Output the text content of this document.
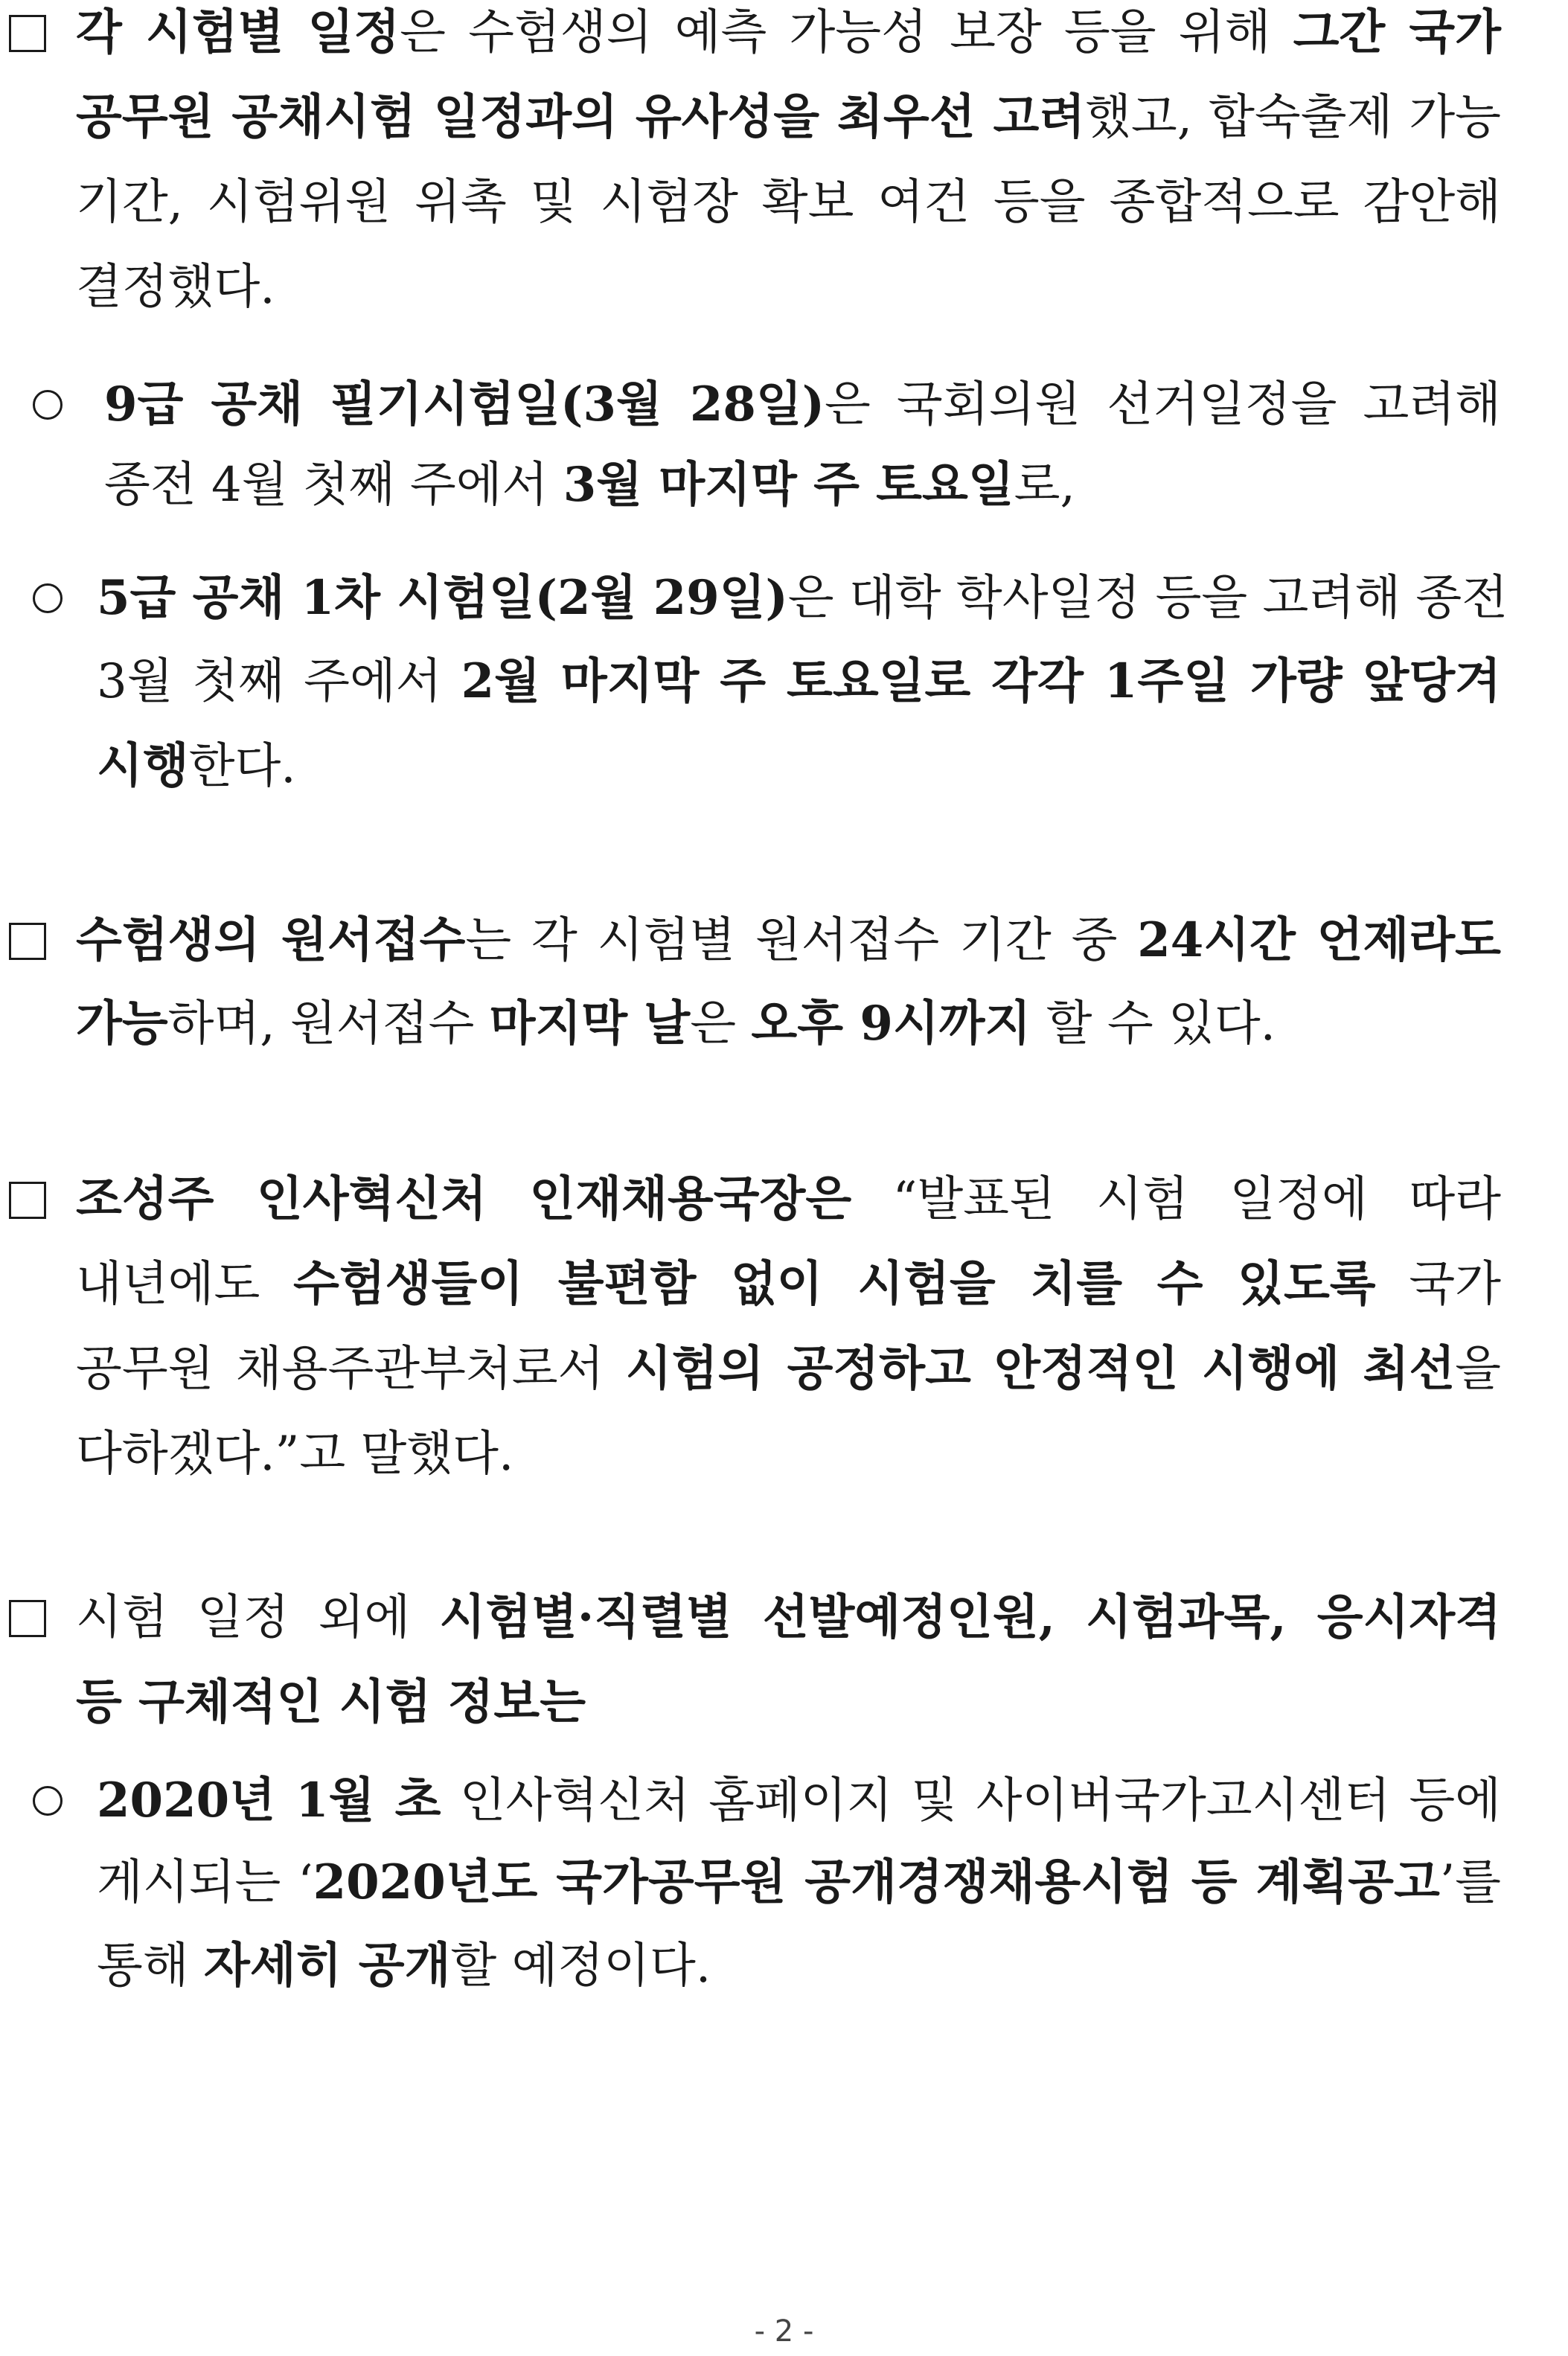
각 시험별 일정은 수험생의 예측 가능성 보장 등을 위해 그간 국가
공무원 공채시험 일정과의 유사성을 최우선 고려했고, 합숙출제 가능
기간, 시험위원 위촉 및 시험장 확보 여건 등을 종합적으로 감안해
결정했다.
9급 공채 필기시험일(3월 28일)은 국회의원 선거일정을 고려해
종전 4월 첫째 주에서 3월 마지막 주 토요일로,
5급 공채 1차 시험일(2월 29일)은 대학 학사일정 등을 고려해 종전
3월 첫째 주에서 2월 마지막 주 토요일로 각각 1주일 가량 앞당겨
시행한다.
수험생의 원서접수는 각 시험별 원서접수 기간 중 24시간 언제라도
가능하며, 원서접수 마지막 날은 오후 9시까지 할 수 있다.
조성주 인사혁신처 인재채용국장은 “발표된 시험 일정에 따라
내년에도 수험생들이 불편함 없이 시험을 치를 수 있도록 국가
공무원 채용주관부처로서 시험의 공정하고 안정적인 시행에 최선을
다하겠다.”고 말했다.
시험 일정 외에 시험별·직렬별 선발예정인원, 시험과목, 응시자격
등 구체적인 시험 정보는
2020년 1월 초 인사혁신처 홈페이지 및 사이버국가고시센터 등에
게시되는 ‘2020년도 국가공무원 공개경쟁채용시험 등 계획공고’를
통해 자세히 공개할 예정이다.
- 2 -
